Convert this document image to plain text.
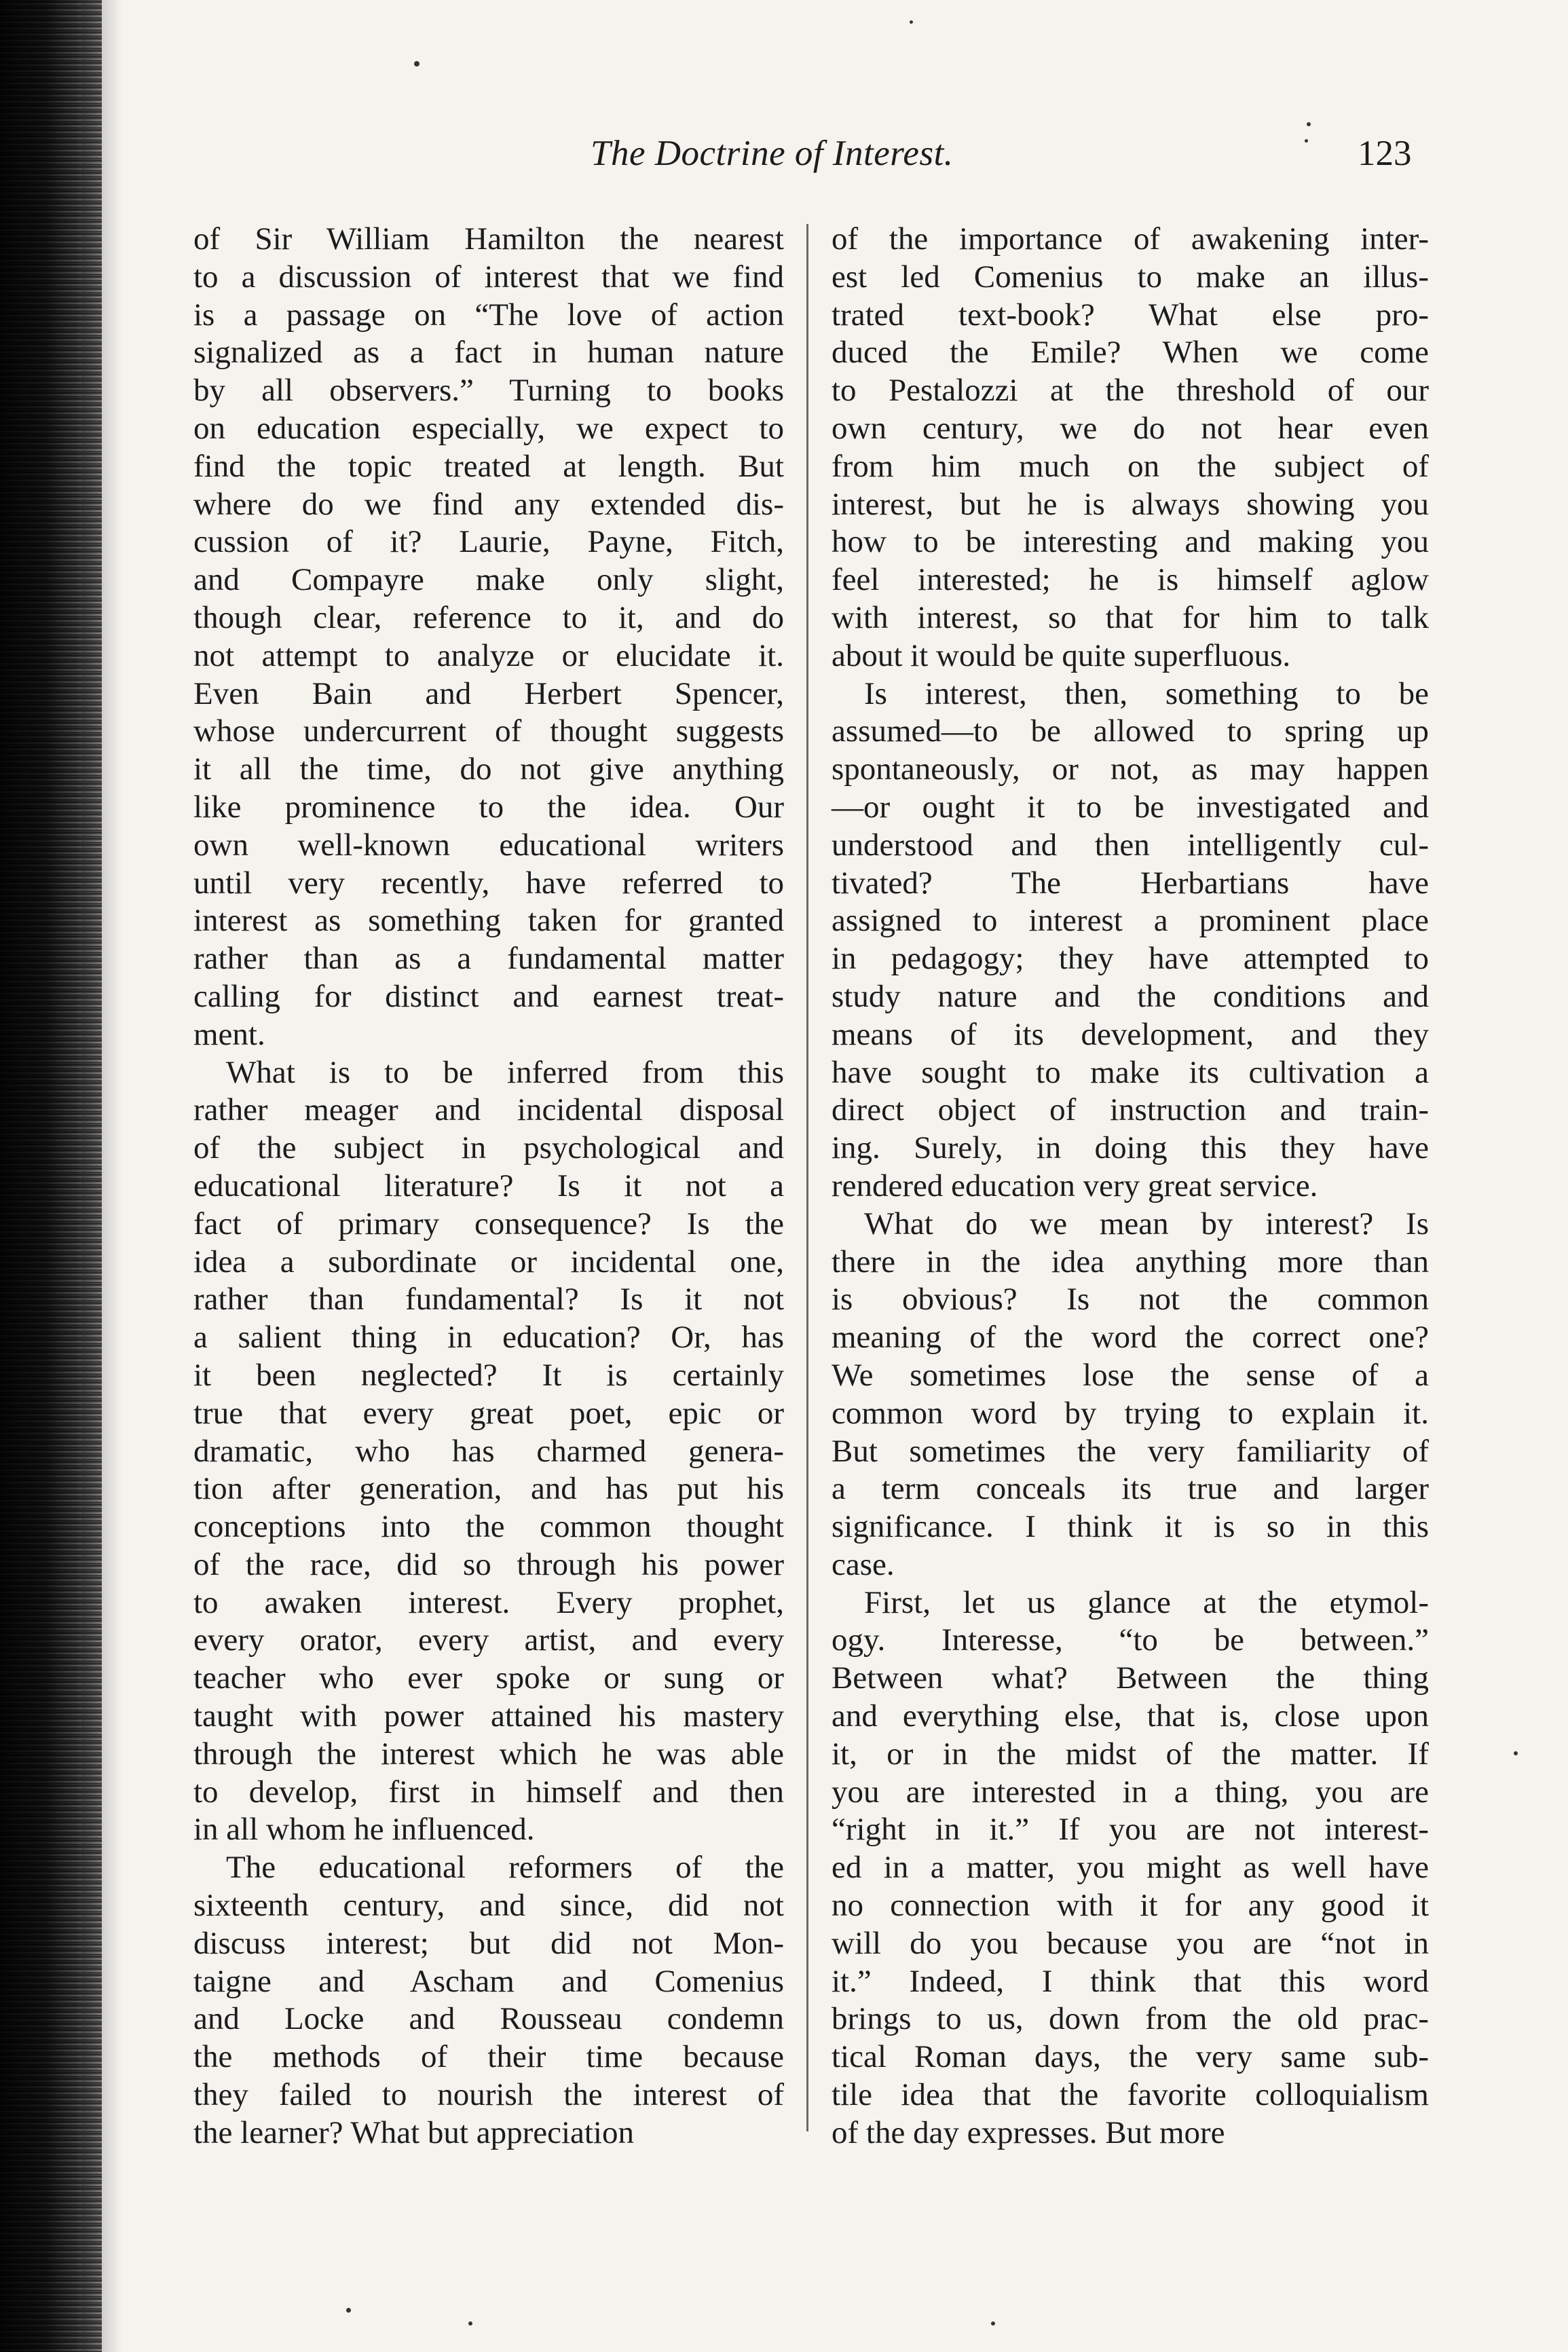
The Doctrine of Interest.	123
of Sir William Hamilton the nearest
to a discussion of interest that we find
is a passage on “The love of action
signalized as a fact in human nature
by all observers.” Turning to books
on education especially, we expect to
find the topic treated at length. But
where do we find any extended dis-
cussion of it? Laurie, Payne, Fitch,
and Compayre make only slight,
though clear, reference to it, and do
not attempt to analyze or elucidate it.
Even Bain and Herbert Spencer,
whose undercurrent of thought suggests
it all the time, do not give anything
like prominence to the idea. Our
own well-known educational writers
until very recently, have referred to
interest as something taken for granted
rather than as a fundamental matter
calling for distinct and earnest treat-
ment.
What is to be inferred from this
rather meager and incidental disposal
of the subject in psychological and
educational literature? Is it not a
fact of primary consequence? Is the
idea a subordinate or incidental one,
rather than fundamental? Is it not
a salient thing in education? Or, has
it been neglected? It is certainly
true that every great poet, epic or
dramatic, who has charmed genera-
tion after generation, and has put his
conceptions into the common thought
of the race, did so through his power
to awaken interest. Every prophet,
every orator, every artist, and every
teacher who ever spoke or sung or
taught with power attained his mastery
through the interest which he was able
to develop, first in himself and then
in all whom he influenced.
The educational reformers of the
sixteenth century, and since, did not
discuss interest; but did not Mon-
taigne and Ascham and Comenius
and Locke and Rousseau condemn
the methods of their time because
they failed to nourish the interest of
the learner? What but appreciation
of the importance of awakening inter-
est led Comenius to make an illus-
trated text-book? What else pro-
duced the Emile? When we come
to Pestalozzi at the threshold of our
own century, we do not hear even
from him much on the subject of
interest, but he is always showing you
how to be interesting and making you
feel interested; he is himself aglow
with interest, so that for him to talk
about it would be quite superfluous.
Is interest, then, something to be
assumed—to be allowed to spring up
spontaneously, or not, as may happen
—or ought it to be investigated and
understood and then intelligently cul-
tivated? The Herbartians have
assigned to interest a prominent place
in pedagogy; they have attempted to
study nature and the conditions and
means of its development, and they
have sought to make its cultivation a
direct object of instruction and train-
ing. Surely, in doing this they have
rendered education very great service.
What do we mean by interest? Is
there in the idea anything more than
is obvious? Is not the common
meaning of the word the correct one?
We sometimes lose the sense of a
common word by trying to explain it.
But sometimes the very familiarity of
a term conceals its true and larger
significance. I think it is so in this
case.
First, let us glance at the etymol-
ogy. Interesse, “to be between.”
Between what? Between the thing
and everything else, that is, close upon
it, or in the midst of the matter. If
you are interested in a thing, you are
“right in it.” If you are not interest-
ed in a matter, you might as well have
no connection with it for any good it
will do you because you are “not in
it.” Indeed, I think that this word
brings to us, down from the old prac-
tical Roman days, the very same sub-
tile idea that the favorite colloquialism
of the day expresses. But more
